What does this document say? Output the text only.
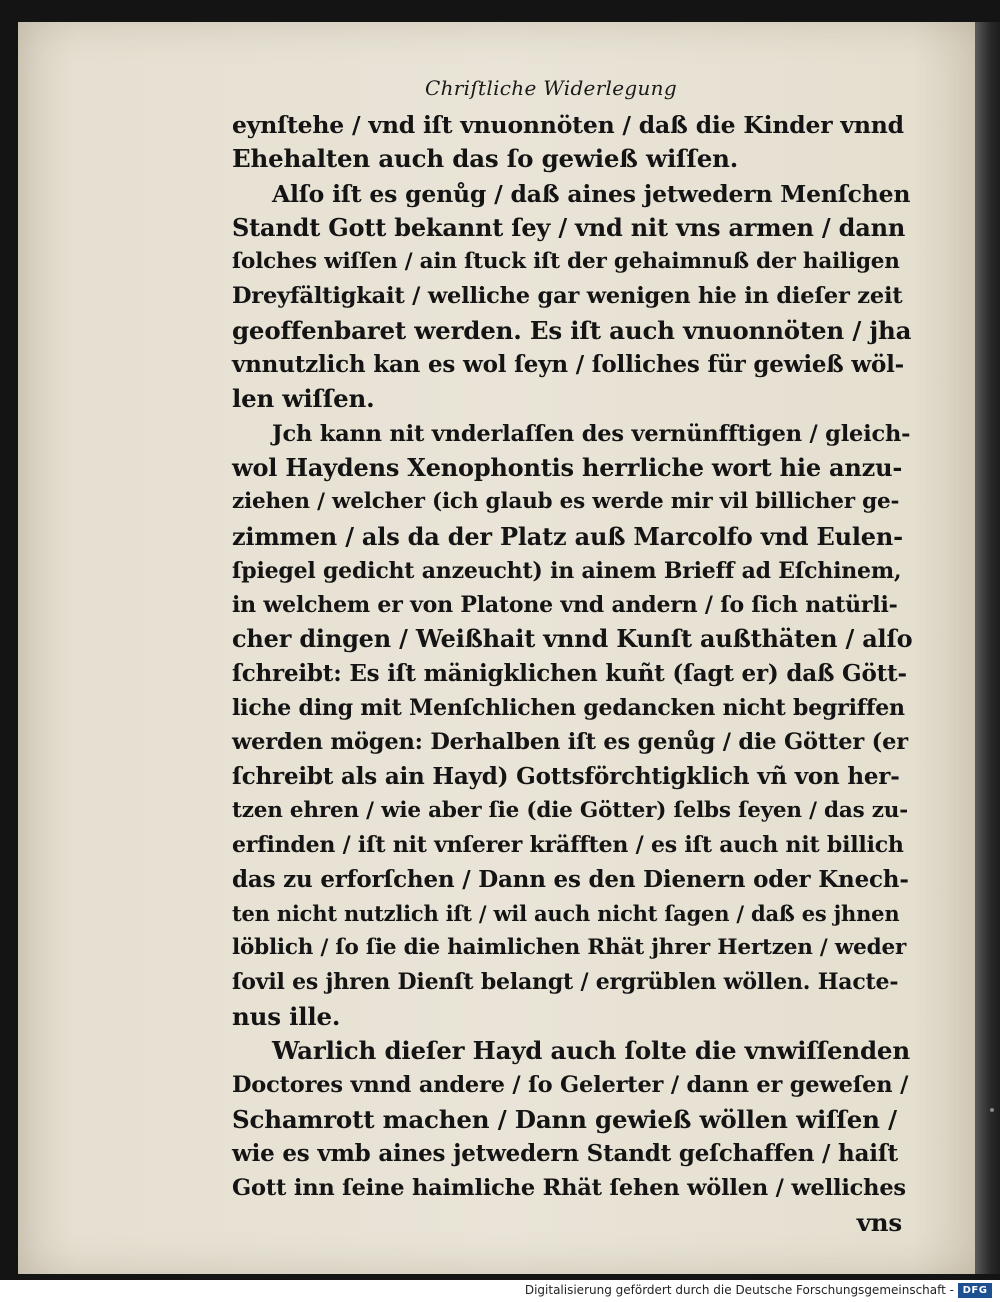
Chriſtliche Widerlegung
eynſtehe / vnd iſt vnuonnöten / daß die Kinder vnnd
Ehehalten auch das ſo gewieß wiſſen.
Alſo iſt es genůg / daß aines jetwedern Menſchen
Standt Gott bekannt ſey / vnd nit vns armen / dann
ſolches wiſſen / ain ſtuck iſt der gehaimnuß der hailigen
Dreyfältigkait / welliche gar wenigen hie in dieſer zeit
geoffenbaret werden. Es iſt auch vnuonnöten / jha
vnnutzlich kan es wol ſeyn / ſolliches für gewieß wöl-
len wiſſen.
Jch kann nit vnderlaſſen des vernünfftigen / gleich-
wol Haydens Xenophontis herrliche wort hie anzu-
ziehen / welcher (ich glaub es werde mir vil billicher ge-
zimmen / als da der Platz auß Marcolfo vnd Eulen-
ſpiegel gedicht anzeucht) in ainem Brieff ad Eſchinem,
in welchem er von Platone vnd andern / ſo ſich natürli-
cher dingen / Weißhait vnnd Kunſt außthäten / alſo
ſchreibt: Es iſt mänigklichen kuñt (ſagt er) daß Gött-
liche ding mit Menſchlichen gedancken nicht begriffen
werden mögen: Derhalben iſt es genůg / die Götter (er
ſchreibt als ain Hayd) Gottsförchtigklich vñ von her-
tzen ehren / wie aber ſie (die Götter) ſelbs ſeyen / das zu-
erfinden / iſt nit vnſerer kräfften / es iſt auch nit billich
das zu erforſchen / Dann es den Dienern oder Knech-
ten nicht nutzlich iſt / wil auch nicht ſagen / daß es jhnen
löblich / ſo ſie die haimlichen Rhät jhrer Hertzen / weder
ſovil es jhren Dienſt belangt / ergrüblen wöllen. Hacte-
nus ille.
Warlich dieſer Hayd auch ſolte die vnwiſſenden
Doctores vnnd andere / ſo Gelerter / dann er geweſen /
Schamrott machen / Dann gewieß wöllen wiſſen /
wie es vmb aines jetwedern Standt geſchaffen / haiſt
Gott inn ſeine haimliche Rhät ſehen wöllen / welliches
vns
Digitalisierung gefördert durch die Deutsche Forschungsgemeinschaft - DFG
